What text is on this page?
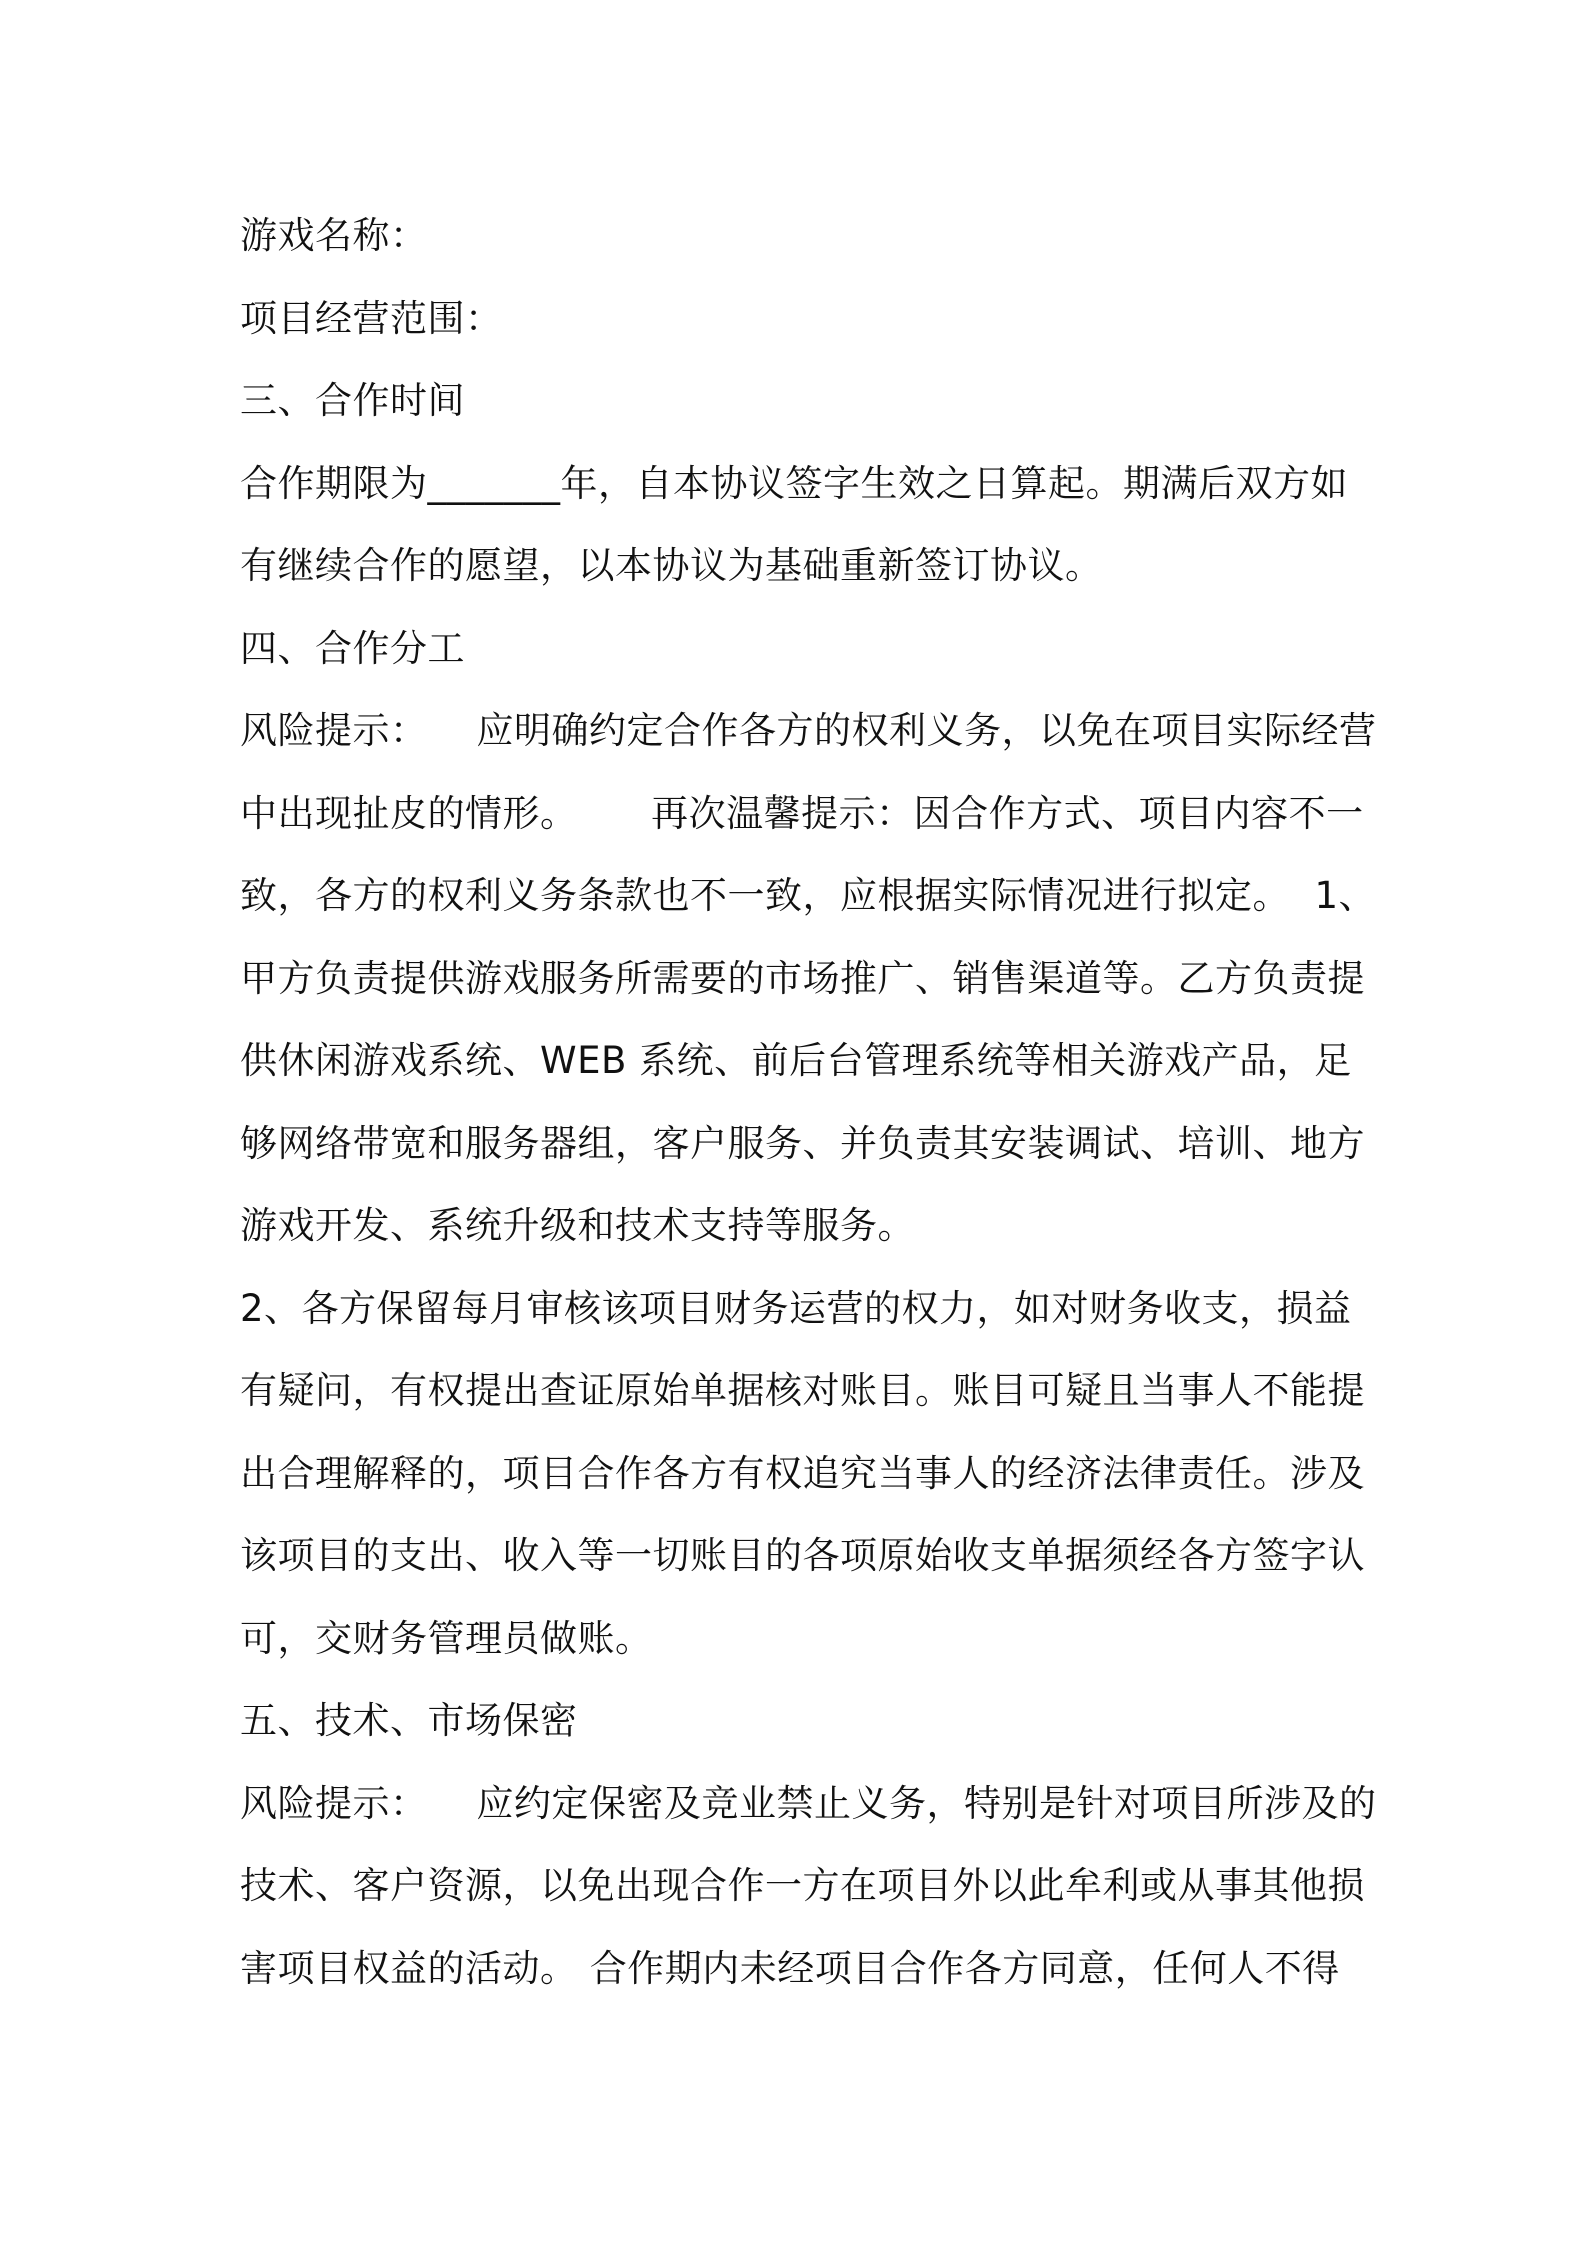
游戏名称：

项目经营范围：

三、合作时间

合作期限为_______年，自本协议签字生效之日算起。期满后双方如

有继续合作的愿望，以本协议为基础重新签订协议。

四、合作分工

风险提示：    应明确约定合作各方的权利义务，以免在项目实际经营

中出现扯皮的情形。      再次温馨提示：因合作方式、项目内容不一

致，各方的权利义务条款也不一致，应根据实际情况进行拟定。  1、

甲方负责提供游戏服务所需要的市场推广、销售渠道等。乙方负责提

供休闲游戏系统、WEB 系统、前后台管理系统等相关游戏产品，足

够网络带宽和服务器组，客户服务、并负责其安装调试、培训、地方

游戏开发、系统升级和技术支持等服务。

2、各方保留每月审核该项目财务运营的权力，如对财务收支，损益

有疑问，有权提出查证原始单据核对账目。账目可疑且当事人不能提

出合理解释的，项目合作各方有权追究当事人的经济法律责任。涉及

该项目的支出、收入等一切账目的各项原始收支单据须经各方签字认

可，交财务管理员做账。

五、技术、市场保密

风险提示：    应约定保密及竞业禁止义务，特别是针对项目所涉及的

技术、客户资源，以免出现合作一方在项目外以此牟利或从事其他损

害项目权益的活动。 合作期内未经项目合作各方同意，任何人不得
